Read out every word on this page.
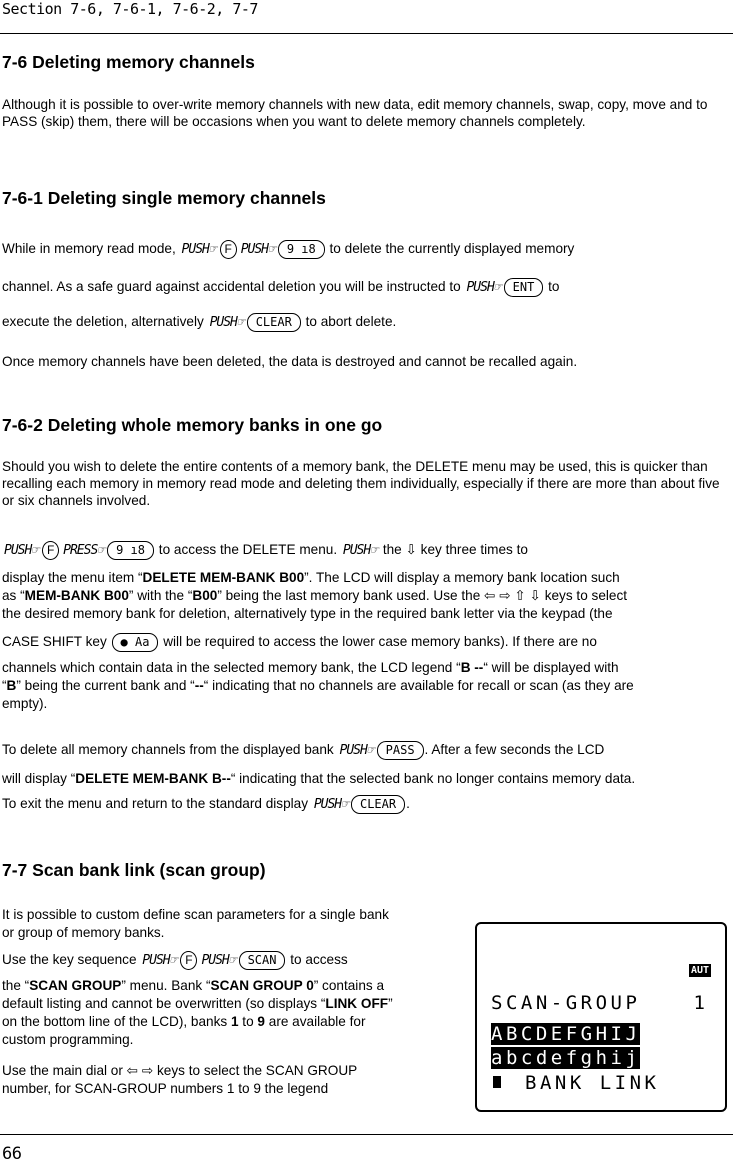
Section 7-6, 7-6-1, 7-6-2, 7-7
7-6 Deleting memory channels
Although it is possible to over-write memory channels with new data, edit memory channels, swap, copy, move and to PASS (skip) them, there will be occasions when you want to delete memory channels completely.
7-6-1 Deleting single memory channels
While in memory read mode, PUSH☞ F PUSH☞ 9 ı8 to delete the currently displayed memory
channel. As a safe guard against accidental deletion you will be instructed to PUSH☞ ENT to
execute the deletion, alternatively PUSH☞ CLEAR to abort delete.
Once memory channels have been deleted, the data is destroyed and cannot be recalled again.
7-6-2 Deleting whole memory banks in one go
Should you wish to delete the entire contents of a memory bank, the DELETE menu may be used, this is quicker than recalling each memory in memory read mode and deleting them individually, especially if there are more than about five or six channels involved.
PUSH☞ F PRESS☞ 9 ı8 to access the DELETE menu. PUSH☞ the ⇩ key three times to
display the menu item “DELETE MEM-BANK B00”. The LCD will display a memory bank location such
as “MEM-BANK B00” with the “B00” being the last memory bank used. Use the ⇦ ⇨ ⇧ ⇩ keys to select
the desired memory bank for deletion, alternatively type in the required bank letter via the keypad (the
CASE SHIFT key ● Aa will be required to access the lower case memory banks). If there are no
channels which contain data in the selected memory bank, the LCD legend “B --“ will be displayed with
“B” being the current bank and “--“ indicating that no channels are available for recall or scan (as they are
empty).
To delete all memory channels from the displayed bank PUSH☞ PASS . After a few seconds the LCD
will display “DELETE MEM-BANK B--“ indicating that the selected bank no longer contains memory data.
To exit the menu and return to the standard display PUSH☞ CLEAR .
7-7 Scan bank link (scan group)
It is possible to custom define scan parameters for a single bank
or group of memory banks.
Use the key sequence PUSH☞ F PUSH☞ SCAN to access
the “SCAN GROUP” menu. Bank “SCAN GROUP 0” contains a
default listing and cannot be overwritten (so displays “LINK OFF”
on the bottom line of the LCD), banks 1 to 9 are available for
custom programming.
Use the main dial or ⇦ ⇨ keys to select the SCAN GROUP
number, for SCAN-GROUP numbers 1 to 9 the legend
AUT
SCAN-GROUP	1
ABCDEFGHIJ
abcdefghij
BANK LINK
66
